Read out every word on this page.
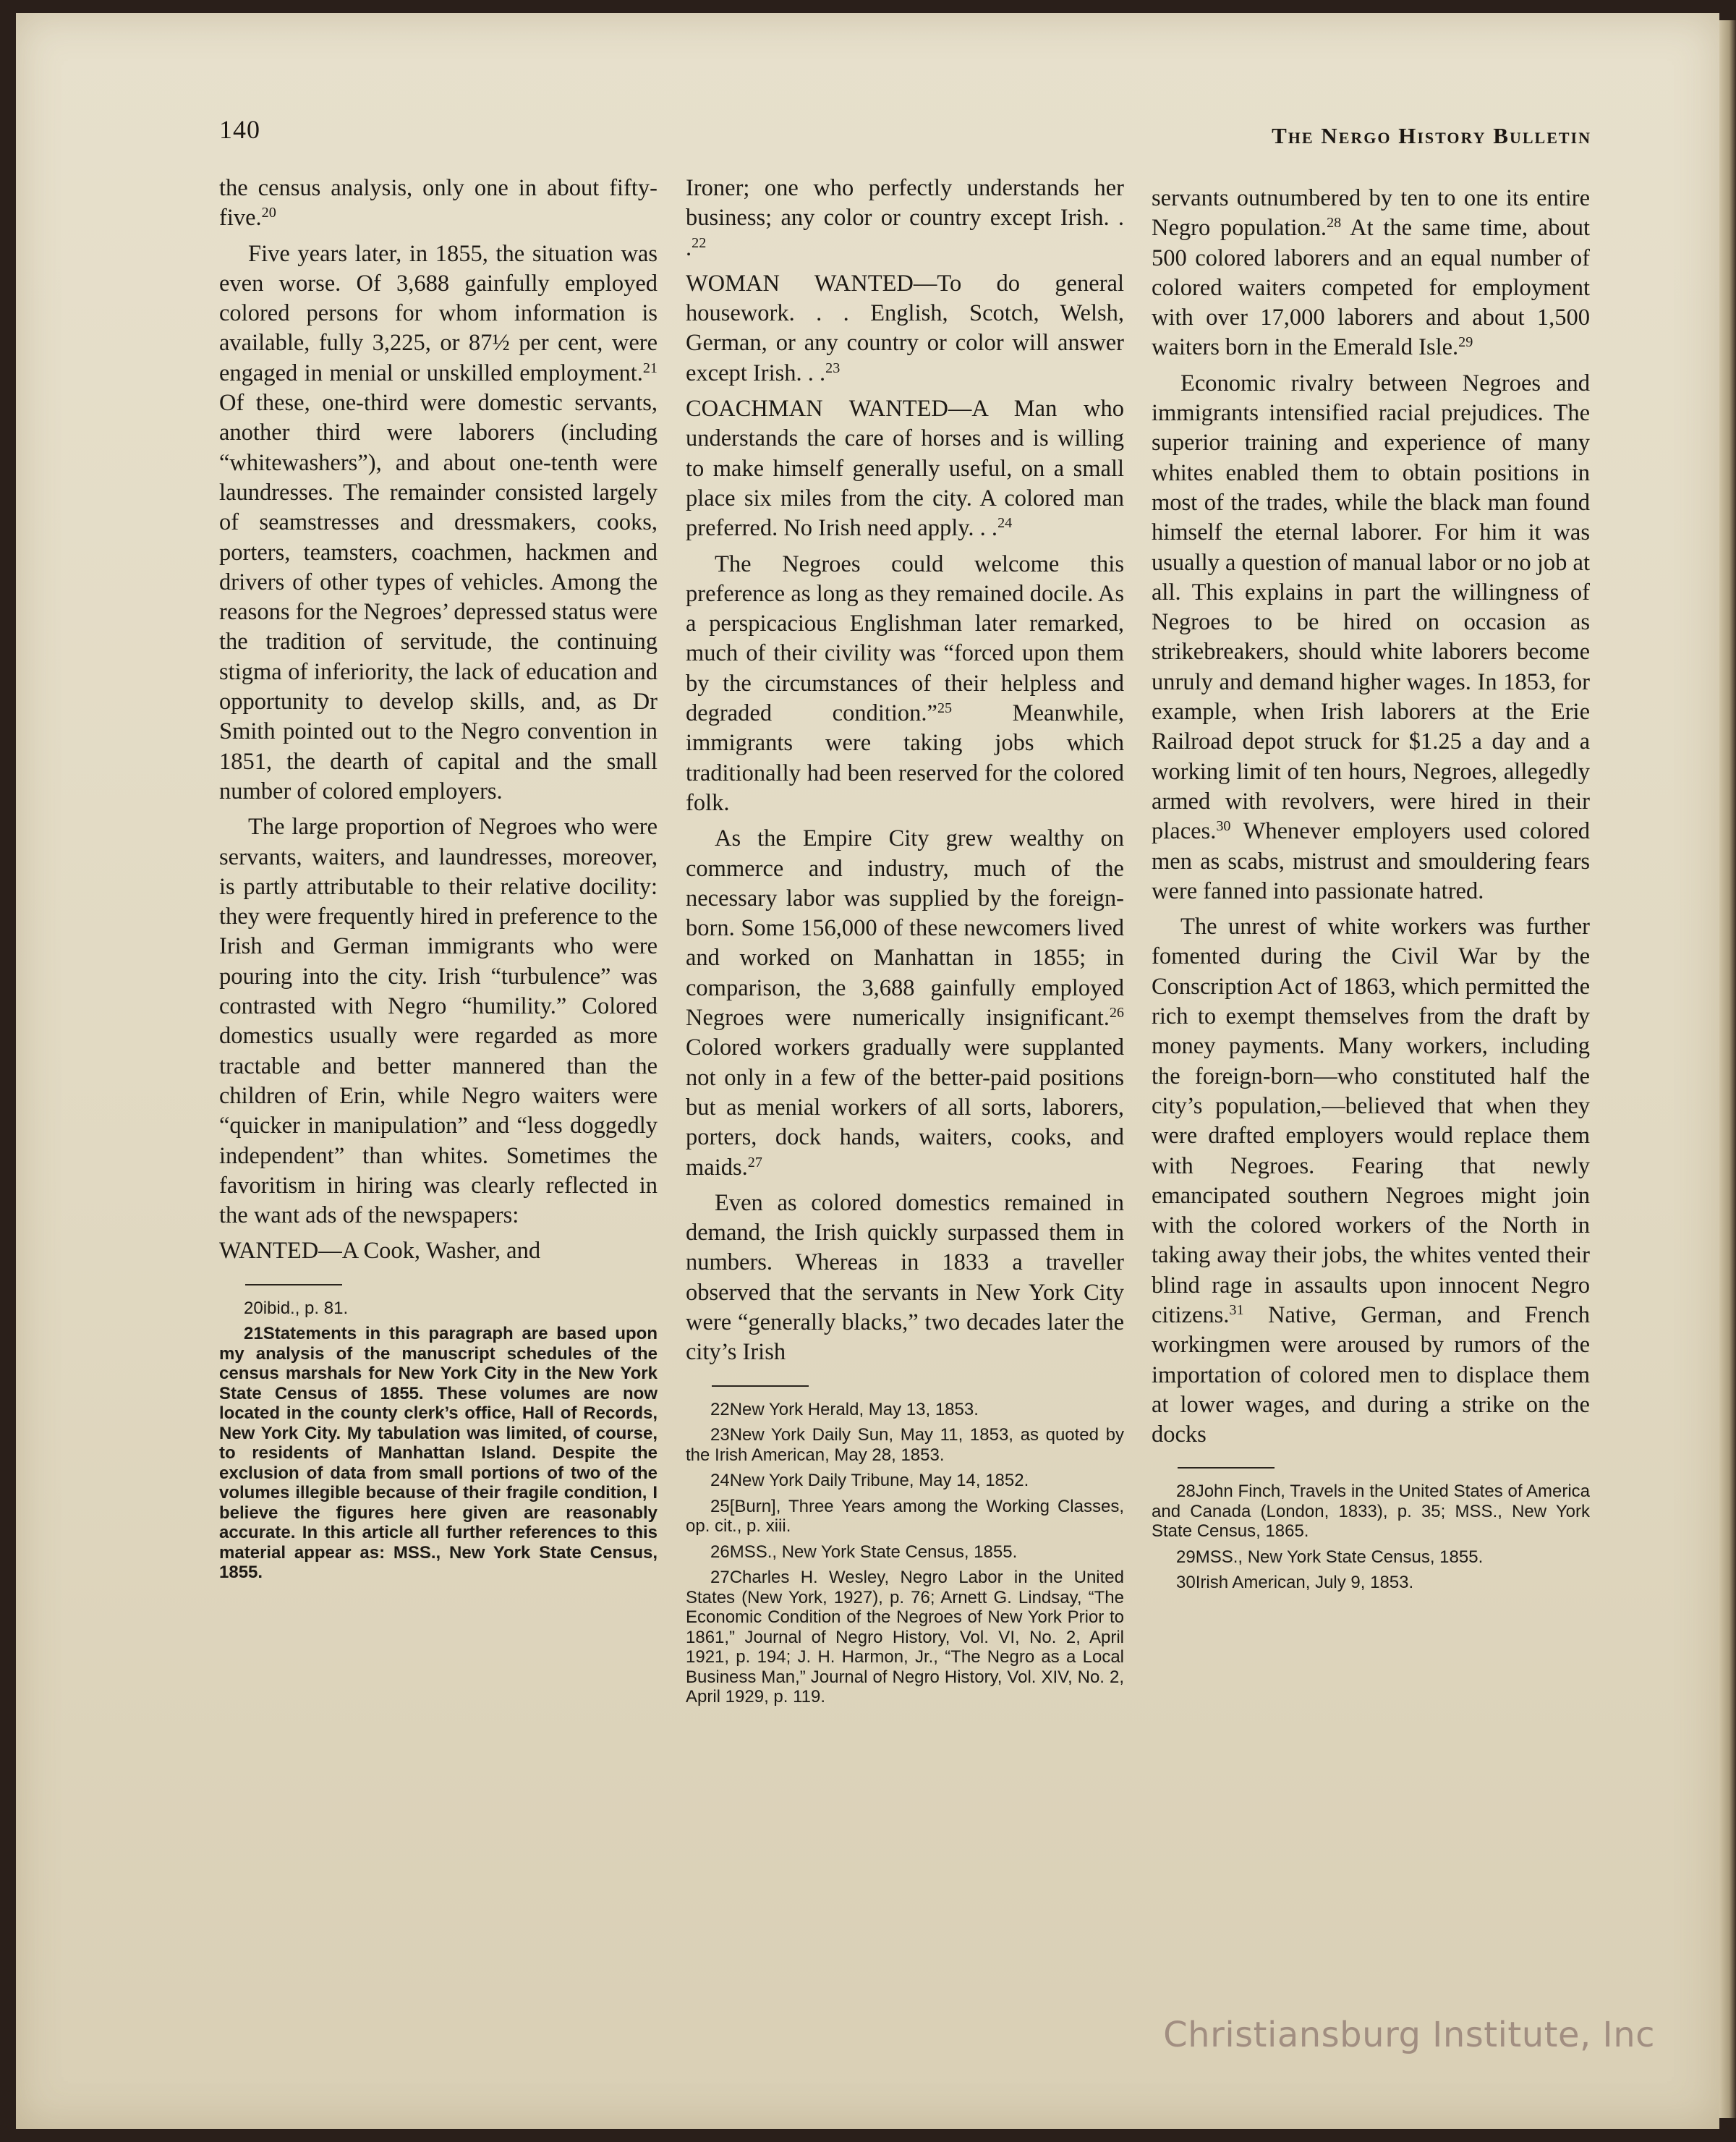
140	The Nergo History Bulletin

the census analysis, only one in about fifty-five.$^{20}$

Five years later, in 1855, the situation was even worse. Of 3,688 gainfully employed colored persons for whom information is available, fully 3,225, or 87½ per cent, were engaged in menial or unskilled employment.$^{21}$ Of these, one-third were domestic servants, another third were laborers (including “whitewashers”), and about one-tenth were laundresses. The remainder consisted largely of seamstresses and dressmakers, cooks, porters, teamsters, coachmen, hackmen and drivers of other types of vehicles. Among the reasons for the Negroes’ depressed status were the tradition of servitude, the continuing stigma of inferiority, the lack of education and opportunity to develop skills, and, as Dr Smith pointed out to the Negro convention in 1851, the dearth of capital and the small number of colored employers.

The large proportion of Negroes who were servants, waiters, and laundresses, moreover, is partly attributable to their relative docility: they were frequently hired in preference to the Irish and German immigrants who were pouring into the city. Irish “turbulence” was contrasted with Negro “humility.” Colored domestics usually were regarded as more tractable and better mannered than the children of Erin, while Negro waiters were “quicker in manipulation” and “less doggedly independent” than whites. Sometimes the favoritism in hiring was clearly reflected in the want ads of the newspapers:

WANTED—A Cook, Washer, and

20ibid., p. 81.

21Statements in this paragraph are based upon my analysis of the manuscript schedules of the census marshals for New York City in the New York State Census of 1855. These volumes are now located in the county clerk’s office, Hall of Records, New York City. My tabulation was limited, of course, to residents of Manhattan Island. Despite the exclusion of data from small portions of two of the volumes illegible because of their fragile condition, I believe the figures here given are reasonably accurate. In this article all further references to this material appear as: MSS., New York State Census, 1855.

Ironer; one who perfectly understands her business; any color or country except Irish. . .$^{22}$

WOMAN WANTED—To do general housework. . . English, Scotch, Welsh, German, or any country or color will answer except Irish. . .$^{23}$

COACHMAN WANTED—A Man who understands the care of horses and is willing to make himself generally useful, on a small place six miles from the city. A colored man preferred. No Irish need apply. . .$^{24}$

The Negroes could welcome this preference as long as they remained docile. As a perspicacious Englishman later remarked, much of their civility was “forced upon them by the circumstances of their helpless and degraded condition.”$^{25}$	Meanwhile, immigrants were taking jobs which traditionally had been reserved for the colored folk.

As the Empire City grew wealthy on commerce and industry, much of the necessary labor was supplied by the foreign-born. Some 156,000 of these newcomers lived and worked on Manhattan in 1855; in comparison, the 3,688 gainfully employed Negroes were numerically insignificant.$^{26}$ Colored workers gradually were supplanted not only in a few of the better-paid positions but as menial workers of all sorts, laborers, porters, dock hands, waiters, cooks, and maids.$^{27}$

Even as colored domestics remained in demand, the Irish quickly surpassed them in numbers. Whereas in 1833 a traveller observed that the servants in New York City were “generally blacks,” two decades later the city’s Irish

22New York Herald, May 13, 1853.

23New York Daily Sun, May 11, 1853, as quoted by the Irish American, May 28, 1853.

24New York Daily Tribune, May 14, 1852.

25[Burn], Three Years among the Working Classes, op. cit., p. xiii.

26MSS., New York State Census, 1855.

27Charles H. Wesley, Negro Labor in the United States (New York, 1927), p. 76; Arnett G. Lindsay, “The Economic Condition of the Negroes of New York Prior to 1861,” Journal of Negro History, Vol. VI, No. 2, April 1921, p. 194; J. H. Harmon, Jr., “The Negro as a Local Business Man,” Journal of Negro History, Vol. XIV, No. 2, April 1929, p. 119.

servants outnumbered by ten to one its entire Negro population.$^{28}$ At the same time, about 500 colored laborers and an equal number of colored waiters competed for employment with over 17,000 laborers and about 1,500 waiters born in the Emerald Isle.$^{29}$

Economic rivalry between Negroes and immigrants intensified racial prejudices. The superior training and experience of many whites enabled them to obtain positions in most of the trades, while the black man found himself the eternal laborer. For him it was usually a question of manual labor or no job at all. This explains in part the willingness of Negroes to be hired on occasion as strikebreakers, should white laborers become unruly and demand higher wages. In 1853, for example, when Irish laborers at the Erie Railroad depot struck for $1.25 a day and a working limit of ten hours, Negroes, allegedly armed with revolvers, were hired in their places.$^{30}$ Whenever employers used colored men as scabs, mistrust and smouldering fears were fanned into passionate hatred.

The unrest of white workers was further fomented during the Civil War by the Conscription Act of 1863, which permitted the rich to exempt themselves from the draft by money payments. Many workers, including the foreign-born—who constituted half the city’s population,—believed that when they were drafted employers would replace them with Negroes. Fearing that newly emancipated southern Negroes might join with the colored workers of the North in taking away their jobs, the whites vented their blind rage in assaults upon innocent Negro citizens.$^{31}$ Native, German, and French workingmen were aroused by rumors of the importation of colored men to displace them at lower wages, and during a strike on the docks

28John Finch, Travels in the United States of America and Canada (London, 1833), p. 35; MSS., New York State Census, 1865.

29MSS., New York State Census, 1855.

30Irish American, July 9, 1853.

Christiansburg Institute, Inc
